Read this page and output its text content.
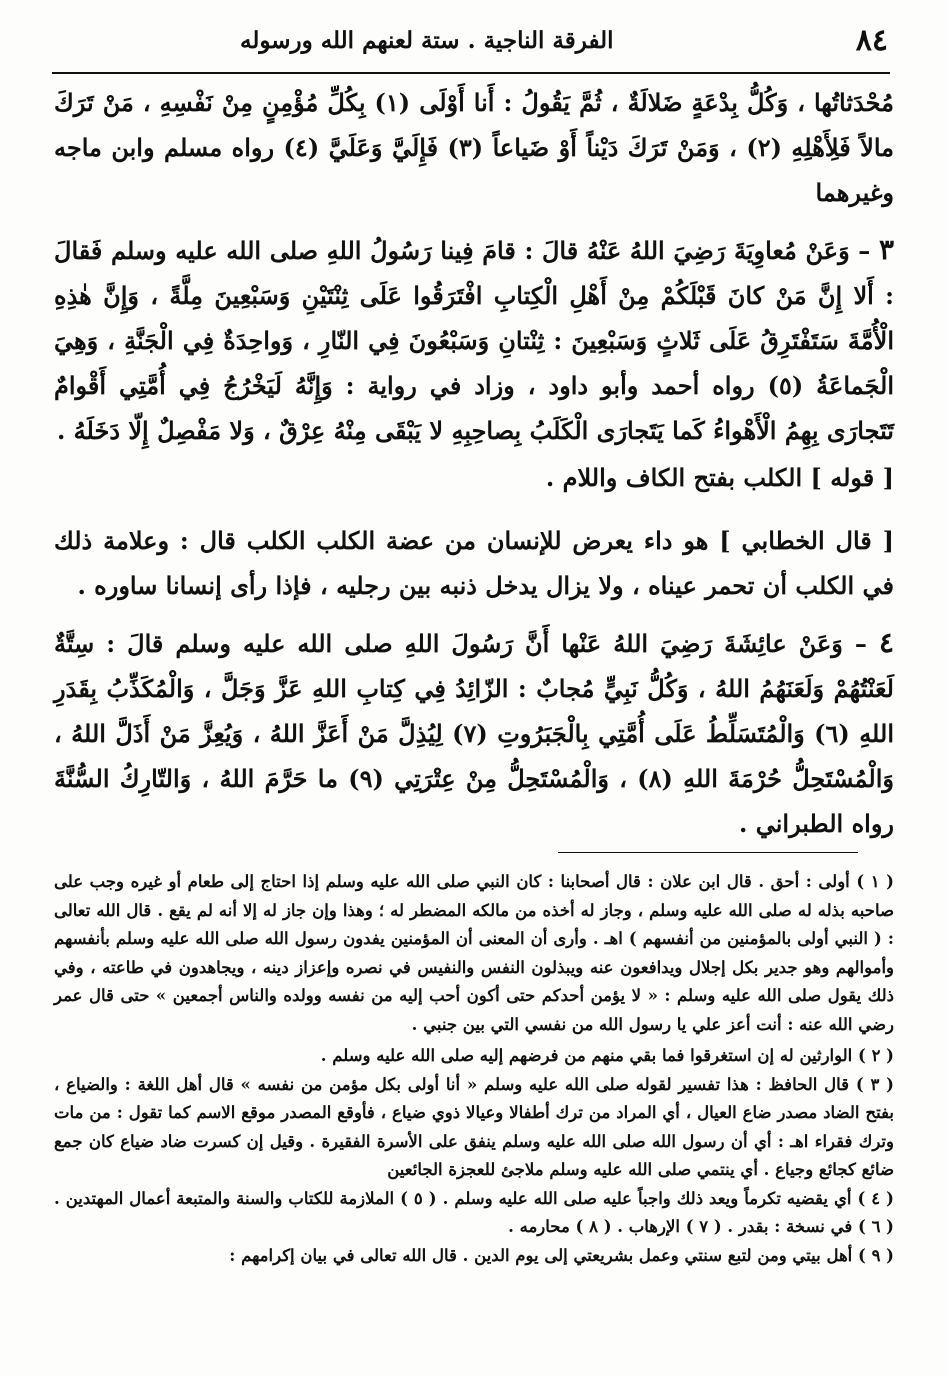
٨٤
الفرقة الناجية . ستة لعنهم الله ورسوله

مُحْدَثاتُها ، وَكُلُّ بِدْعَةٍ ضَلالَةٌ ، ثُمَّ يَقُولُ : أَنا أَوْلَى (١) بِكُلِّ مُؤْمِنٍ مِنْ نَفْسِهِ ، مَنْ تَرَكَ مالاً فَلِأَهْلِهِ (٢) ، وَمَنْ تَرَكَ دَيْناً أَوْ ضَياعاً (٣) فَإِلَيَّ وَعَلَيَّ (٤) رواه مسلم وابن ماجه وغيرهما

٣ – وَعَنْ مُعاوِيَةَ رَضِيَ اللهُ عَنْهُ قالَ : قامَ فِينا رَسُولُ اللهِ صلى الله عليه وسلم فَقالَ : أَلا إِنَّ مَنْ كانَ قَبْلَكُمْ مِنْ أَهْلِ الْكِتابِ افْتَرَقُوا عَلَى ثِنْتَيْنِ وَسَبْعِينَ مِلَّةً ، وَإِنَّ هٰذِهِ الْأُمَّةَ سَتَفْتَرِقُ عَلَى ثَلاثٍ وَسَبْعِينَ : ثِنْتانِ وَسَبْعُونَ فِي النّارِ ، وَواحِدَةٌ فِي الْجَنَّةِ ، وَهِيَ الْجَماعَةُ (٥) رواه أحمد وأبو داود ، وزاد في رواية : وَإِنَّهُ لَيَخْرُجُ فِي أُمَّتِي أَقْوامٌ تَتَجارَى بِهِمُ الْأَهْواءُ كَما يَتَجارَى الْكَلَبُ بِصاحِبِهِ لا يَبْقَى مِنْهُ عِرْقٌ ، وَلا مَفْصِلٌ إِلّا دَخَلَهُ .

[ قوله ] الكلب بفتح الكاف واللام .

[ قال الخطابي ] هو داء يعرض للإنسان من عضة الكلب الكلب قال : وعلامة ذلك في الكلب أن تحمر عيناه ، ولا يزال يدخل ذنبه بين رجليه ، فإذا رأى إنسانا ساوره .

٤ – وَعَنْ عائِشَةَ رَضِيَ اللهُ عَنْها أَنَّ رَسُولَ اللهِ صلى الله عليه وسلم قالَ : سِتَّةٌ لَعَنْتُهُمْ وَلَعَنَهُمُ اللهُ ، وَكُلُّ نَبِيٍّ مُجابٌ : الزّائِدُ فِي كِتابِ اللهِ عَزَّ وَجَلَّ ، وَالْمُكَذِّبُ بِقَدَرِ اللهِ (٦) وَالْمُتَسَلِّطُ عَلَى أُمَّتِي بِالْجَبَرُوتِ (٧) لِيُذِلَّ مَنْ أَعَزَّ اللهُ ، وَيُعِزَّ مَنْ أَذَلَّ اللهُ ، وَالْمُسْتَحِلُّ حُرْمَةَ اللهِ (٨) ، وَالْمُسْتَحِلُّ مِنْ عِتْرَتِي (٩) ما حَرَّمَ اللهُ ، وَالتّارِكُ السُّنَّةَ رواه الطبراني .

( ١ ) أولى : أحق . قال ابن علان : قال أصحابنا : كان النبي صلى الله عليه وسلم إذا احتاج إلى طعام أو غيره وجب على صاحبه بذله له صلى الله عليه وسلم ، وجاز له أخذه من مالكه المضطر له ؛ وهذا وإن جاز له إلا أنه لم يقع . قال الله تعالى : ( النبي أولى بالمؤمنين من أنفسهم ) اهـ . وأرى أن المعنى أن المؤمنين يفدون رسول الله صلى الله عليه وسلم بأنفسهم وأموالهم وهو جدير بكل إجلال ويدافعون عنه ويبذلون النفس والنفيس في نصره وإعزاز دينه ، ويجاهدون في طاعته ، وفي ذلك يقول صلى الله عليه وسلم : « لا يؤمن أحدكم حتى أكون أحب إليه من نفسه وولده والناس أجمعين » حتى قال عمر رضي الله عنه : أنت أعز علي يا رسول الله من نفسي التي بين جنبي .

( ٢ ) الوارثين له إن استغرقوا فما بقي منهم من فرضهم إليه صلى الله عليه وسلم .

( ٣ ) قال الحافظ : هذا تفسير لقوله صلى الله عليه وسلم « أنا أولى بكل مؤمن من نفسه » قال أهل اللغة : والضياع ، بفتح الضاد مصدر ضاع العيال ، أي المراد من ترك أطفالا وعيالا ذوي ضياع ، فأوقع المصدر موقع الاسم كما تقول : من مات وترك فقراء اهـ : أي أن رسول الله صلى الله عليه وسلم ينفق على الأسرة الفقيرة . وقيل إن كسرت ضاد ضياع كان جمع ضائع كجائع وجياع . أي ينتمي صلى الله عليه وسلم ملاجئ للعجزة الجائعين

( ٤ ) أي يقضيه تكرماً ويعد ذلك واجباً عليه صلى الله عليه وسلم . ( ٥ ) الملازمة للكتاب والسنة والمتبعة أعمال المهتدين . ( ٦ ) في نسخة : بقدر . ( ٧ ) الإرهاب . ( ٨ ) محارمه .

( ٩ ) أهل بيتي ومن لتبع سنتي وعمل بشريعتي إلى يوم الدين . قال الله تعالى في بيان إكرامهم :
